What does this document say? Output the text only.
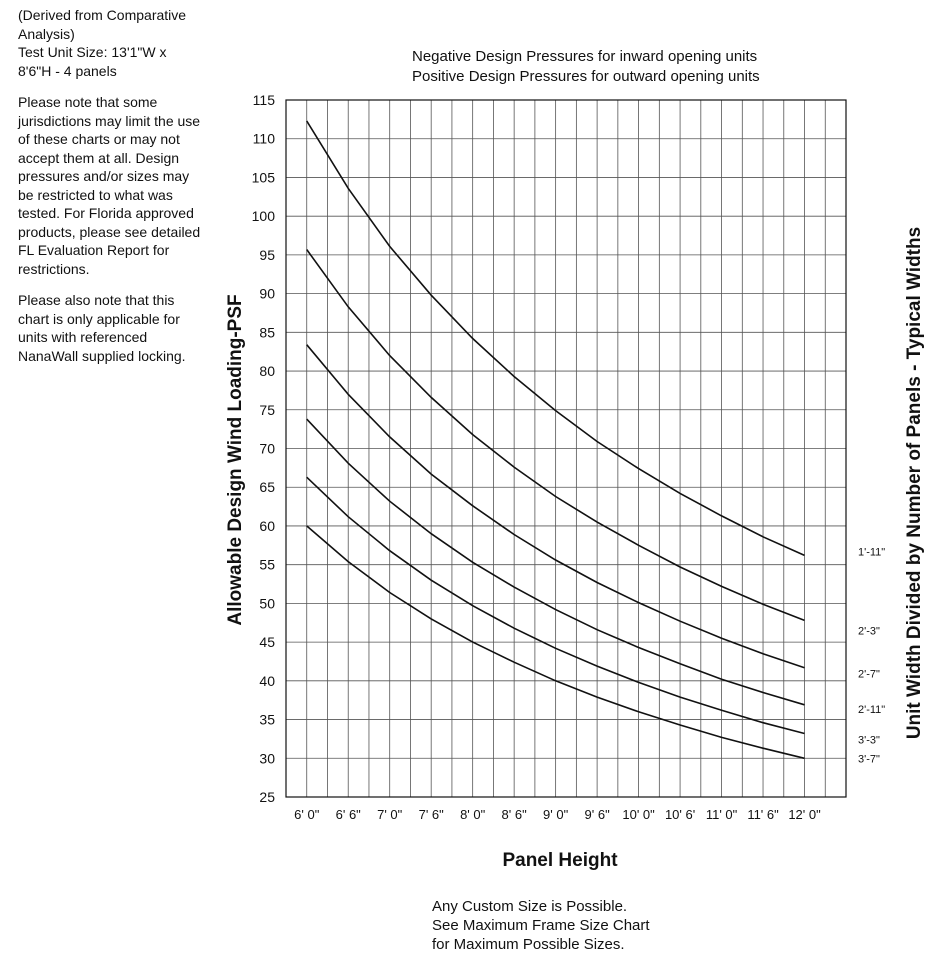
(Derived from Comparative
Analysis)
Test Unit Size: 13'1"W x
8'6"H - 4 panels

Please note that some
jurisdictions may limit the use
of these charts or may not
accept them at all. Design
pressures and/or sizes may
be restricted to what was
tested. For Florida approved
products, please see detailed
FL Evaluation Report for
restrictions.

Please also note that this
chart is only applicable for
units with referenced
NanaWall supplied locking.

Negative Design Pressures for inward opening units
Positive Design Pressures for outward opening units
25
30
35
40
45
50
55
60
65
70
75
80
85
90
95
100
105
110
115
6' 0" 6' 6" 7' 0" 7' 6" 8' 0" 8' 6" 9' 0" 9' 6" 10' 0" 10' 6' 11' 0" 11' 6" 12' 0"
1'-11"
2'-3"
2'-7"
2'-11"
3'-3"
3'-7"
Panel Height
Allowable Design Wind Loading-PSF	Unit Width Divided by Number of Panels - Typical Widths
Any Custom Size is Possible.
See Maximum Frame Size Chart
for Maximum Possible Sizes.
